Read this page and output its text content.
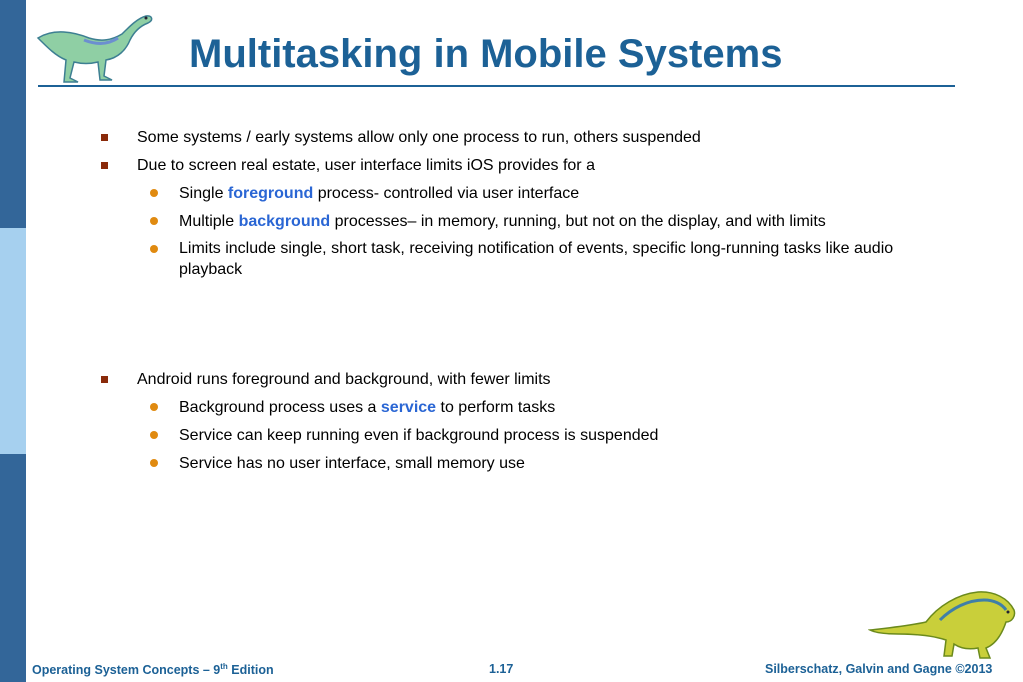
Multitasking in Mobile Systems
Some systems / early systems allow only one process to run, others suspended
Due to screen real estate, user interface limits iOS provides for a
Single foreground process- controlled via user interface
Multiple background processes– in memory, running, but not on the display, and with limits
Limits include single, short task, receiving notification of events, specific long-running tasks like audio playback
Android runs foreground and background, with fewer limits
Background process uses a service to perform tasks
Service can keep running even if background process is suspended
Service has no user interface, small memory use
Operating System Concepts – 9th Edition	1.17	Silberschatz, Galvin and Gagne ©2013
